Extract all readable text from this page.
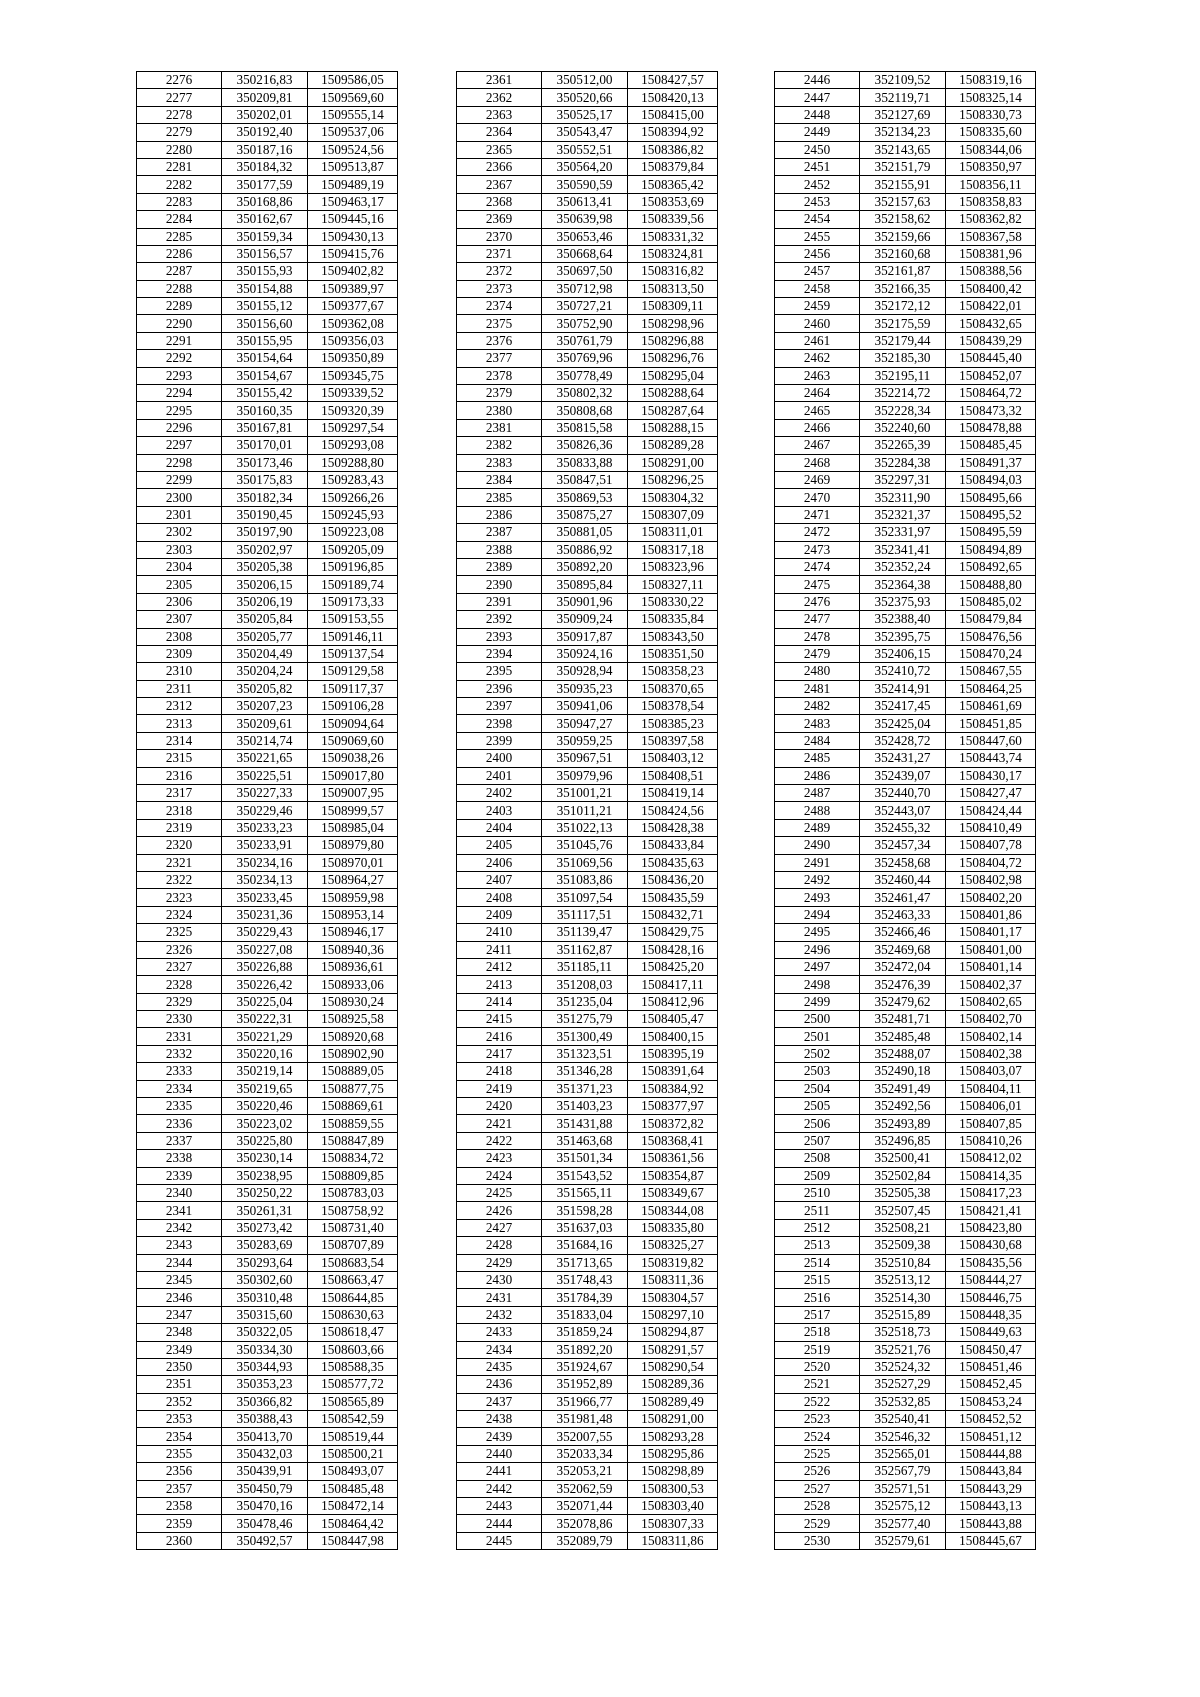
2276	350216,83	1509586,05
2277	350209,81	1509569,60
2278	350202,01	1509555,14
2279	350192,40	1509537,06
2280	350187,16	1509524,56
2281	350184,32	1509513,87
2282	350177,59	1509489,19
2283	350168,86	1509463,17
2284	350162,67	1509445,16
2285	350159,34	1509430,13
2286	350156,57	1509415,76
2287	350155,93	1509402,82
2288	350154,88	1509389,97
2289	350155,12	1509377,67
2290	350156,60	1509362,08
2291	350155,95	1509356,03
2292	350154,64	1509350,89
2293	350154,67	1509345,75
2294	350155,42	1509339,52
2295	350160,35	1509320,39
2296	350167,81	1509297,54
2297	350170,01	1509293,08
2298	350173,46	1509288,80
2299	350175,83	1509283,43
2300	350182,34	1509266,26
2301	350190,45	1509245,93
2302	350197,90	1509223,08
2303	350202,97	1509205,09
2304	350205,38	1509196,85
2305	350206,15	1509189,74
2306	350206,19	1509173,33
2307	350205,84	1509153,55
2308	350205,77	1509146,11
2309	350204,49	1509137,54
2310	350204,24	1509129,58
2311	350205,82	1509117,37
2312	350207,23	1509106,28
2313	350209,61	1509094,64
2314	350214,74	1509069,60
2315	350221,65	1509038,26
2316	350225,51	1509017,80
2317	350227,33	1509007,95
2318	350229,46	1508999,57
2319	350233,23	1508985,04
2320	350233,91	1508979,80
2321	350234,16	1508970,01
2322	350234,13	1508964,27
2323	350233,45	1508959,98
2324	350231,36	1508953,14
2325	350229,43	1508946,17
2326	350227,08	1508940,36
2327	350226,88	1508936,61
2328	350226,42	1508933,06
2329	350225,04	1508930,24
2330	350222,31	1508925,58
2331	350221,29	1508920,68
2332	350220,16	1508902,90
2333	350219,14	1508889,05
2334	350219,65	1508877,75
2335	350220,46	1508869,61
2336	350223,02	1508859,55
2337	350225,80	1508847,89
2338	350230,14	1508834,72
2339	350238,95	1508809,85
2340	350250,22	1508783,03
2341	350261,31	1508758,92
2342	350273,42	1508731,40
2343	350283,69	1508707,89
2344	350293,64	1508683,54
2345	350302,60	1508663,47
2346	350310,48	1508644,85
2347	350315,60	1508630,63
2348	350322,05	1508618,47
2349	350334,30	1508603,66
2350	350344,93	1508588,35
2351	350353,23	1508577,72
2352	350366,82	1508565,89
2353	350388,43	1508542,59
2354	350413,70	1508519,44
2355	350432,03	1508500,21
2356	350439,91	1508493,07
2357	350450,79	1508485,48
2358	350470,16	1508472,14
2359	350478,46	1508464,42
2360	350492,57	1508447,98
2361	350512,00	1508427,57
2362	350520,66	1508420,13
2363	350525,17	1508415,00
2364	350543,47	1508394,92
2365	350552,51	1508386,82
2366	350564,20	1508379,84
2367	350590,59	1508365,42
2368	350613,41	1508353,69
2369	350639,98	1508339,56
2370	350653,46	1508331,32
2371	350668,64	1508324,81
2372	350697,50	1508316,82
2373	350712,98	1508313,50
2374	350727,21	1508309,11
2375	350752,90	1508298,96
2376	350761,79	1508296,88
2377	350769,96	1508296,76
2378	350778,49	1508295,04
2379	350802,32	1508288,64
2380	350808,68	1508287,64
2381	350815,58	1508288,15
2382	350826,36	1508289,28
2383	350833,88	1508291,00
2384	350847,51	1508296,25
2385	350869,53	1508304,32
2386	350875,27	1508307,09
2387	350881,05	1508311,01
2388	350886,92	1508317,18
2389	350892,20	1508323,96
2390	350895,84	1508327,11
2391	350901,96	1508330,22
2392	350909,24	1508335,84
2393	350917,87	1508343,50
2394	350924,16	1508351,50
2395	350928,94	1508358,23
2396	350935,23	1508370,65
2397	350941,06	1508378,54
2398	350947,27	1508385,23
2399	350959,25	1508397,58
2400	350967,51	1508403,12
2401	350979,96	1508408,51
2402	351001,21	1508419,14
2403	351011,21	1508424,56
2404	351022,13	1508428,38
2405	351045,76	1508433,84
2406	351069,56	1508435,63
2407	351083,86	1508436,20
2408	351097,54	1508435,59
2409	351117,51	1508432,71
2410	351139,47	1508429,75
2411	351162,87	1508428,16
2412	351185,11	1508425,20
2413	351208,03	1508417,11
2414	351235,04	1508412,96
2415	351275,79	1508405,47
2416	351300,49	1508400,15
2417	351323,51	1508395,19
2418	351346,28	1508391,64
2419	351371,23	1508384,92
2420	351403,23	1508377,97
2421	351431,88	1508372,82
2422	351463,68	1508368,41
2423	351501,34	1508361,56
2424	351543,52	1508354,87
2425	351565,11	1508349,67
2426	351598,28	1508344,08
2427	351637,03	1508335,80
2428	351684,16	1508325,27
2429	351713,65	1508319,82
2430	351748,43	1508311,36
2431	351784,39	1508304,57
2432	351833,04	1508297,10
2433	351859,24	1508294,87
2434	351892,20	1508291,57
2435	351924,67	1508290,54
2436	351952,89	1508289,36
2437	351966,77	1508289,49
2438	351981,48	1508291,00
2439	352007,55	1508293,28
2440	352033,34	1508295,86
2441	352053,21	1508298,89
2442	352062,59	1508300,53
2443	352071,44	1508303,40
2444	352078,86	1508307,33
2445	352089,79	1508311,86
2446	352109,52	1508319,16
2447	352119,71	1508325,14
2448	352127,69	1508330,73
2449	352134,23	1508335,60
2450	352143,65	1508344,06
2451	352151,79	1508350,97
2452	352155,91	1508356,11
2453	352157,63	1508358,83
2454	352158,62	1508362,82
2455	352159,66	1508367,58
2456	352160,68	1508381,96
2457	352161,87	1508388,56
2458	352166,35	1508400,42
2459	352172,12	1508422,01
2460	352175,59	1508432,65
2461	352179,44	1508439,29
2462	352185,30	1508445,40
2463	352195,11	1508452,07
2464	352214,72	1508464,72
2465	352228,34	1508473,32
2466	352240,60	1508478,88
2467	352265,39	1508485,45
2468	352284,38	1508491,37
2469	352297,31	1508494,03
2470	352311,90	1508495,66
2471	352321,37	1508495,52
2472	352331,97	1508495,59
2473	352341,41	1508494,89
2474	352352,24	1508492,65
2475	352364,38	1508488,80
2476	352375,93	1508485,02
2477	352388,40	1508479,84
2478	352395,75	1508476,56
2479	352406,15	1508470,24
2480	352410,72	1508467,55
2481	352414,91	1508464,25
2482	352417,45	1508461,69
2483	352425,04	1508451,85
2484	352428,72	1508447,60
2485	352431,27	1508443,74
2486	352439,07	1508430,17
2487	352440,70	1508427,47
2488	352443,07	1508424,44
2489	352455,32	1508410,49
2490	352457,34	1508407,78
2491	352458,68	1508404,72
2492	352460,44	1508402,98
2493	352461,47	1508402,20
2494	352463,33	1508401,86
2495	352466,46	1508401,17
2496	352469,68	1508401,00
2497	352472,04	1508401,14
2498	352476,39	1508402,37
2499	352479,62	1508402,65
2500	352481,71	1508402,70
2501	352485,48	1508402,14
2502	352488,07	1508402,38
2503	352490,18	1508403,07
2504	352491,49	1508404,11
2505	352492,56	1508406,01
2506	352493,89	1508407,85
2507	352496,85	1508410,26
2508	352500,41	1508412,02
2509	352502,84	1508414,35
2510	352505,38	1508417,23
2511	352507,45	1508421,41
2512	352508,21	1508423,80
2513	352509,38	1508430,68
2514	352510,84	1508435,56
2515	352513,12	1508444,27
2516	352514,30	1508446,75
2517	352515,89	1508448,35
2518	352518,73	1508449,63
2519	352521,76	1508450,47
2520	352524,32	1508451,46
2521	352527,29	1508452,45
2522	352532,85	1508453,24
2523	352540,41	1508452,52
2524	352546,32	1508451,12
2525	352565,01	1508444,88
2526	352567,79	1508443,84
2527	352571,51	1508443,29
2528	352575,12	1508443,13
2529	352577,40	1508443,88
2530	352579,61	1508445,67
